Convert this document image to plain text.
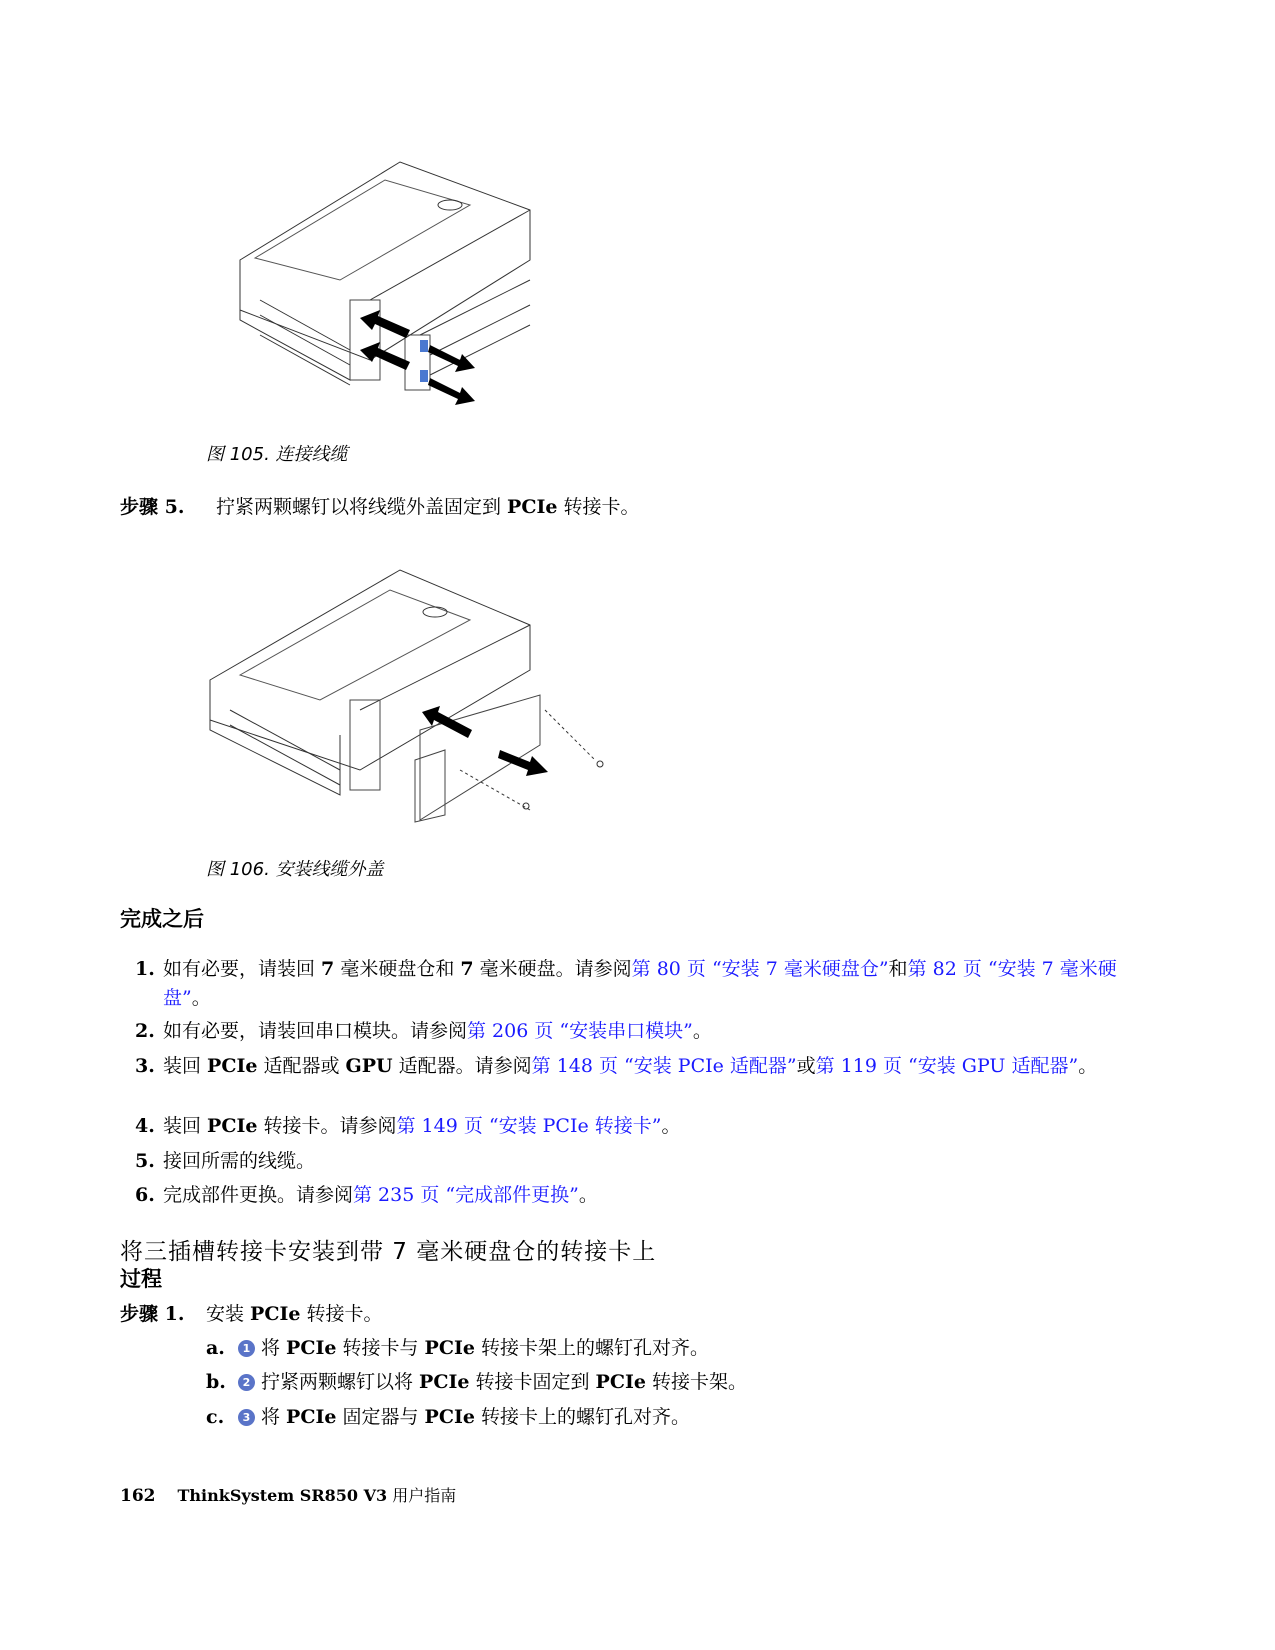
图 105. 连接线缆
步骤 5. 拧紧两颗螺钉以将线缆外盖固定到 PCIe 转接卡。
图 106. 安装线缆外盖
完成之后
1. 如有必要，请装回 7 毫米硬盘仓和 7 毫米硬盘。请参阅第 80 页 “安装 7 毫米硬盘仓”和第 82 页 “安装 7 毫米硬盘”。
2. 如有必要，请装回串口模块。请参阅第 206 页 “安装串口模块”。
3. 装回 PCIe 适配器或 GPU 适配器。请参阅第 148 页 “安装 PCIe 适配器”或第 119 页 “安装 GPU 适配器”。
4. 装回 PCIe 转接卡。请参阅第 149 页 “安装 PCIe 转接卡”。
5. 接回所需的线缆。
6. 完成部件更换。请参阅第 235 页 “完成部件更换”。
将三插槽转接卡安装到带 7 毫米硬盘仓的转接卡上
过程
步骤 1. 安装 PCIe 转接卡。
a. 1 将 PCIe 转接卡与 PCIe 转接卡架上的螺钉孔对齐。
b. 2 拧紧两颗螺钉以将 PCIe 转接卡固定到 PCIe 转接卡架。
c. 3 将 PCIe 固定器与 PCIe 转接卡上的螺钉孔对齐。
162 ThinkSystem SR850 V3 用户指南
